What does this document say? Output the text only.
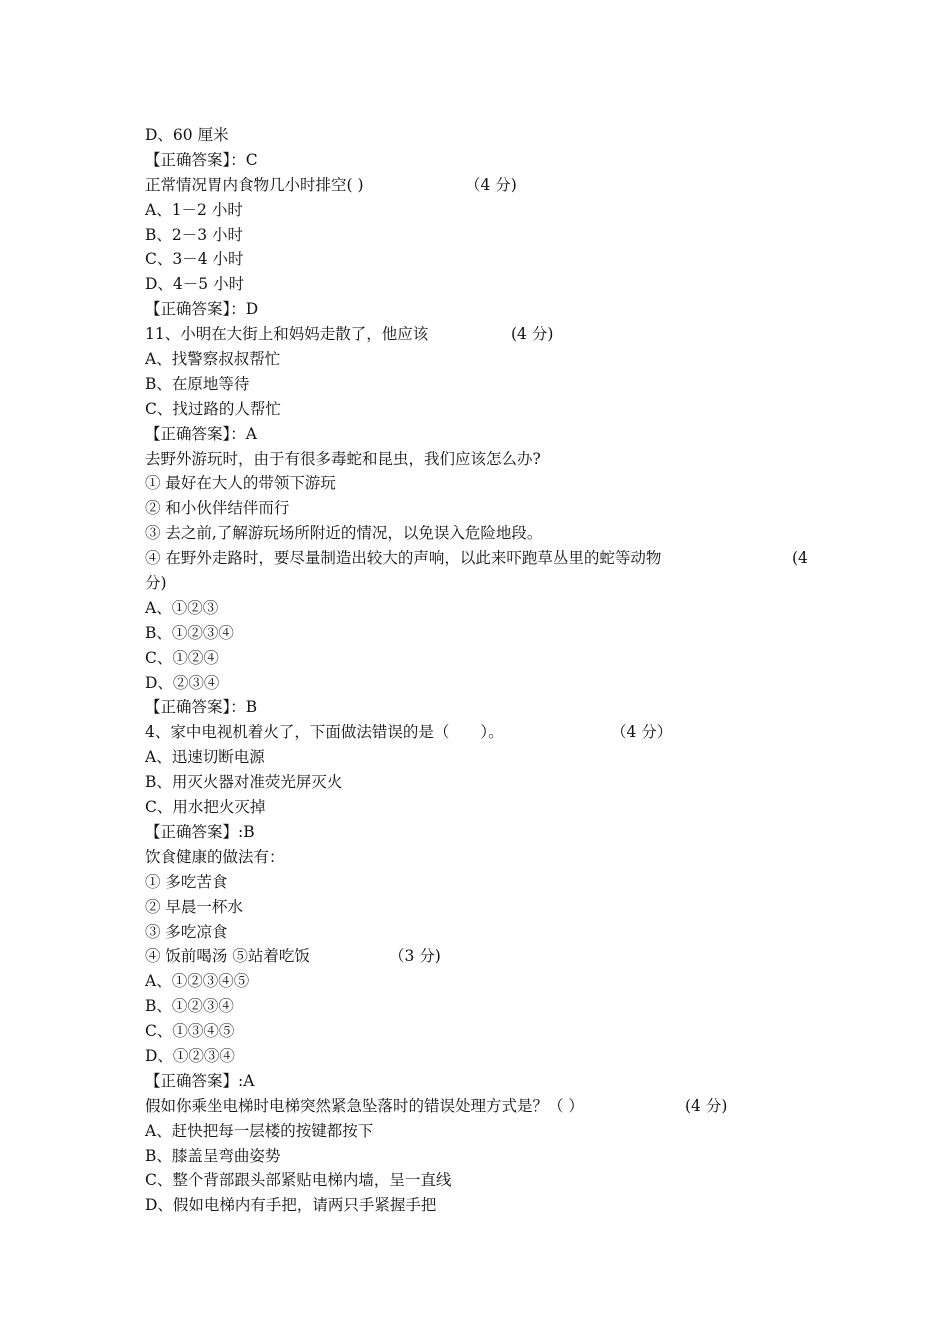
D、60 厘米
【正确答案】：C
正常情况胃内食物几小时排空( )	（4 分)
A、1－2 小时
B、2－3 小时
C、3－4 小时
D、4－5 小时
【正确答案】：D
11、小明在大街上和妈妈走散了，他应该	(4 分)
A、找警察叔叔帮忙
B、在原地等待
C、找过路的人帮忙
【正确答案】：A
去野外游玩时，由于有很多毒蛇和昆虫，我们应该怎么办?
① 最好在大人的带领下游玩
② 和小伙伴结伴而行
③ 去之前,了解游玩场所附近的情况，以免误入危险地段。
④ 在野外走路时，要尽量制造出较大的声响，以此来吓跑草丛里的蛇等动物	(4
分)
A、①②③
B、①②③④
C、①②④
D、②③④
【正确答案】：B
4、家中电视机着火了，下面做法错误的是（　　）。	（4 分）
A、迅速切断电源
B、用灭火器对准荧光屏灭火
C、用水把火灭掉
【正确答案】:B
饮食健康的做法有：
① 多吃苦食
② 早晨一杯水
③ 多吃凉食
④ 饭前喝汤 ⑤站着吃饭	（3 分)
A、①②③④⑤
B、①②③④
C、①③④⑤
D、①②③④
【正确答案】:A
假如你乘坐电梯时电梯突然紧急坠落时的错误处理方式是？（ ）	(4 分)
A、赶快把每一层楼的按键都按下
B、膝盖呈弯曲姿势
C、整个背部跟头部紧贴电梯内墙，呈一直线
D、假如电梯内有手把，请两只手紧握手把
